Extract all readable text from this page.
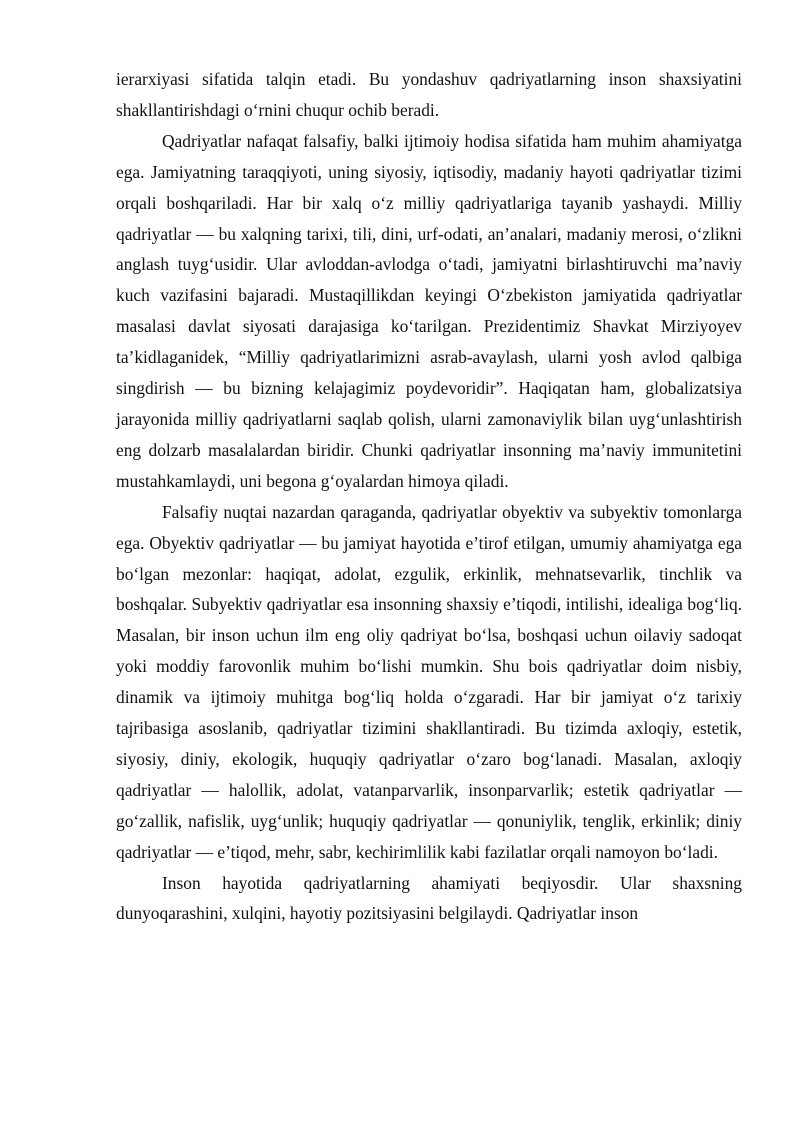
ierarxiyasi sifatida talqin etadi. Bu yondashuv qadriyatlarning inson shaxsiyatini shakllantirishdagi o‘rnini chuqur ochib beradi.

Qadriyatlar nafaqat falsafiy, balki ijtimoiy hodisa sifatida ham muhim ahamiyatga ega. Jamiyatning taraqqiyoti, uning siyosiy, iqtisodiy, madaniy hayoti qadriyatlar tizimi orqali boshqariladi. Har bir xalq o‘z milliy qadriyatlariga tayanib yashaydi. Milliy qadriyatlar — bu xalqning tarixi, tili, dini, urf-odati, an’analari, madaniy merosi, o‘zlikni anglash tuyg‘usidir. Ular avloddan-avlodga o‘tadi, jamiyatni birlashtiruvchi ma’naviy kuch vazifasini bajaradi. Mustaqillikdan keyingi O‘zbekiston jamiyatida qadriyatlar masalasi davlat siyosati darajasiga ko‘tarilgan. Prezidentimiz Shavkat Mirziyoyev ta’kidlaganidek, “Milliy qadriyatlarimizni asrab-avaylash, ularni yosh avlod qalbiga singdirish — bu bizning kelajagimiz poydevoridir”. Haqiqatan ham, globalizatsiya jarayonida milliy qadriyatlarni saqlab qolish, ularni zamonaviylik bilan uyg‘unlashtirish eng dolzarb masalalardan biridir. Chunki qadriyatlar insonning ma’naviy immunitetini mustahkamlaydi, uni begona g‘oyalardan himoya qiladi.

Falsafiy nuqtai nazardan qaraganda, qadriyatlar obyektiv va subyektiv tomonlarga ega. Obyektiv qadriyatlar — bu jamiyat hayotida e’tirof etilgan, umumiy ahamiyatga ega bo‘lgan mezonlar: haqiqat, adolat, ezgulik, erkinlik, mehnatsevarlik, tinchlik va boshqalar. Subyektiv qadriyatlar esa insonning shaxsiy e’tiqodi, intilishi, idealiga bog‘liq. Masalan, bir inson uchun ilm eng oliy qadriyat bo‘lsa, boshqasi uchun oilaviy sadoqat yoki moddiy farovonlik muhim bo‘lishi mumkin. Shu bois qadriyatlar doim nisbiy, dinamik va ijtimoiy muhitga bog‘liq holda o‘zgaradi. Har bir jamiyat o‘z tarixiy tajribasiga asoslanib, qadriyatlar tizimini shakllantiradi. Bu tizimda axloqiy, estetik, siyosiy, diniy, ekologik, huquqiy qadriyatlar o‘zaro bog‘lanadi. Masalan, axloqiy qadriyatlar — halollik, adolat, vatanparvarlik, insonparvarlik; estetik qadriyatlar — go‘zallik, nafislik, uyg‘unlik; huquqiy qadriyatlar — qonuniylik, tenglik, erkinlik; diniy qadriyatlar — e’tiqod, mehr, sabr, kechirimlilik kabi fazilatlar orqali namoyon bo‘ladi.

Inson hayotida qadriyatlarning ahamiyati beqiyosdir. Ular shaxsning dunyoqarashini, xulqini, hayotiy pozitsiyasini belgilaydi. Qadriyatlar inson
